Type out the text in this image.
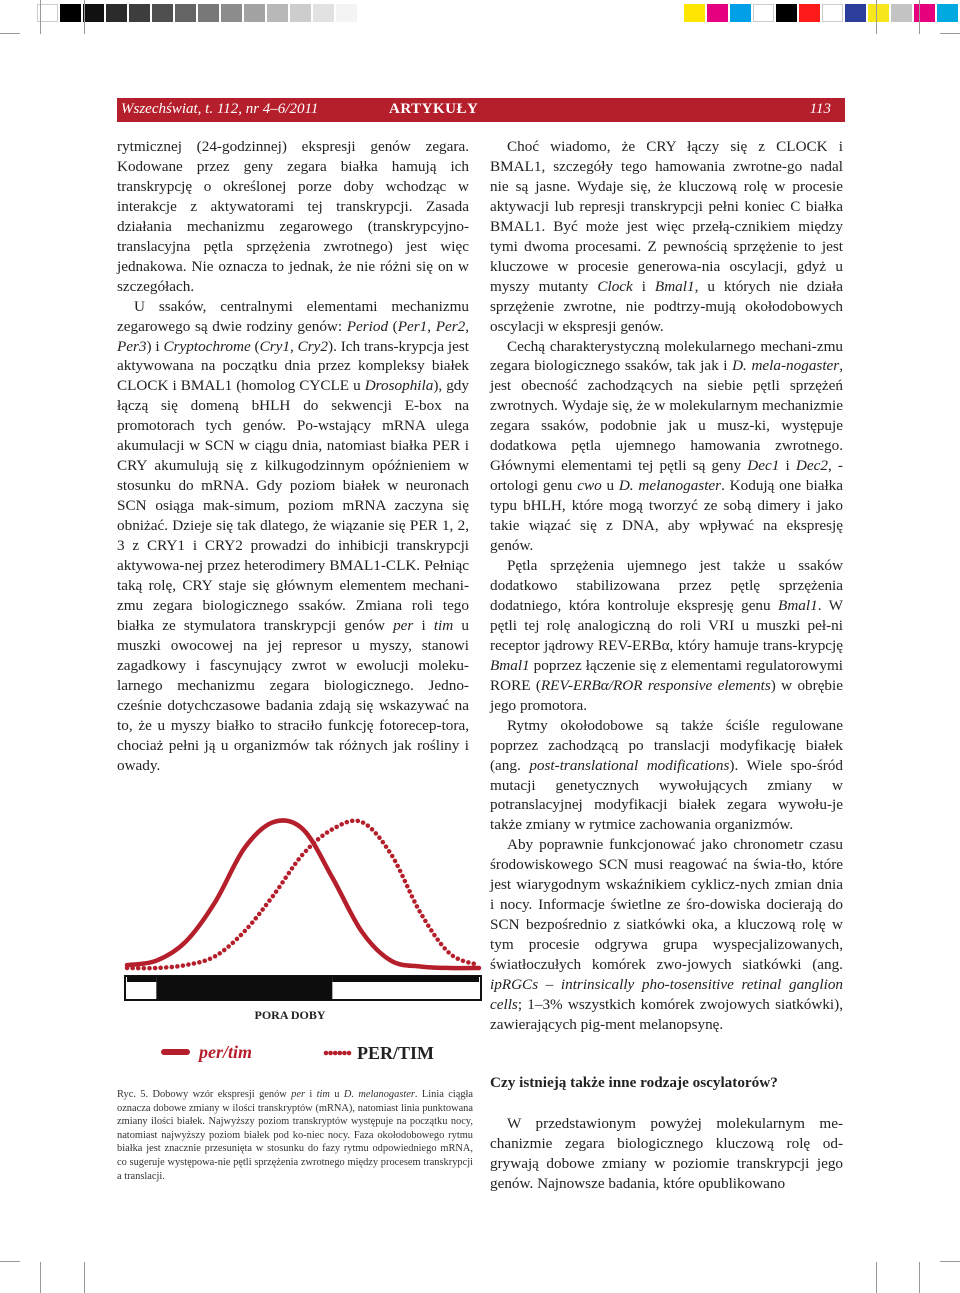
Wszechświat, t. 112, nr 4–6/2011	ARTYKUŁY	113

rytmicznej (24-godzinnej) ekspresji genów zegara. Kodowane przez geny zegara białka hamują ich transkrypcję o określonej porze doby wchodząc w interakcje z aktywatorami tej transkrypcji. Zasada działania mechanizmu zegarowego (transkrypcyjno-translacyjna pętla sprzężenia zwrotnego) jest więc jednakowa. Nie oznacza to jednak, że nie różni się on w szczegółach.

U ssaków, centralnymi elementami mechanizmu zegarowego są dwie rodziny genów: Period (Per1, Per2, Per3) i Cryptochrome (Cry1, Cry2). Ich trans-krypcja jest aktywowana na początku dnia przez kompleksy białek CLOCK i BMAL1 (homolog CYCLE u Drosophila), gdy łączą się domeną bHLH do sekwencji E-box na promotorach tych genów. Po-wstający mRNA ulega akumulacji w SCN w ciągu dnia, natomiast białka PER i CRY akumulują się z kilkugodzinnym opóźnieniem w stosunku do mRNA. Gdy poziom białek w neuronach SCN osiąga mak-simum, poziom mRNA zaczyna się obniżać. Dzieje się tak dlatego, że wiązanie się PER 1, 2, 3 z CRY1 i CRY2 prowadzi do inhibicji transkrypcji aktywowa-nej przez heterodimery BMAL1-CLK. Pełniąc taką rolę, CRY staje się głównym elementem mechani-zmu zegara biologicznego ssaków. Zmiana roli tego białka ze stymulatora transkrypcji genów per i tim u muszki owocowej na jej represor u myszy, stanowi zagadkowy i fascynujący zwrot w ewolucji moleku-larnego mechanizmu zegara biologicznego. Jedno-cześnie dotychczasowe badania zdają się wskazywać na to, że u myszy białko to straciło funkcję fotorecep-tora, chociaż pełni ją u organizmów tak różnych jak rośliny i owady.

PORA DOBY
per/tim	PER/TIM

Ryc. 5. Dobowy wzór ekspresji genów per i tim u D. melanogaster. Linia ciągła oznacza dobowe zmiany w ilości transkryptów (mRNA), natomiast linia punktowana zmiany ilości białek. Najwyższy poziom transkryptów występuje na początku nocy, natomiast najwyższy poziom białek pod ko-niec nocy. Faza okołodobowego rytmu białka jest znacznie przesunięta w stosunku do fazy rytmu odpowiedniego mRNA, co sugeruje występowa-nie pętli sprzężenia zwrotnego między procesem transkrypcji a translacji.

Choć wiadomo, że CRY łączy się z CLOCK i BMAL1, szczegóły tego hamowania zwrotne-go nadal nie są jasne. Wydaje się, że kluczową rolę w procesie aktywacji lub represji transkrypcji pełni koniec C białka BMAL1. Być może jest więc przełą-cznikiem między tymi dwoma procesami. Z pewnością sprzężenie to jest kluczowe w procesie generowa-nia oscylacji, gdyż u myszy mutanty Clock i Bmal1, u których nie działa sprzężenie zwrotne, nie podtrzy-mują okołodobowych oscylacji w ekspresji genów.

Cechą charakterystyczną molekularnego mechani-zmu zegara biologicznego ssaków, tak jak i D. mela-nogaster, jest obecność zachodzących na siebie pętli sprzężeń zwrotnych. Wydaje się, że w molekularnym mechanizmie zegara ssaków, podobnie jak u musz-ki, występuje dodatkowa pętla ujemnego hamowania zwrotnego. Głównymi elementami tej pętli są geny Dec1 i Dec2, - ortologi genu cwo u D. melanogaster. Kodują one białka typu bHLH, które mogą tworzyć ze sobą dimery i jako takie wiązać się z DNA, aby wpływać na ekspresję genów.

Pętla sprzężenia ujemnego jest także u ssaków dodatkowo stabilizowana przez pętlę sprzężenia dodatniego, która kontroluje ekspresję genu Bmal1. W pętli tej rolę analogiczną do roli VRI u muszki peł-ni receptor jądrowy REV-ERBα, który hamuje trans-krypcję Bmal1 poprzez łączenie się z elementami regulatorowymi RORE (REV-ERBα/ROR responsive elements) w obrębie jego promotora.

Rytmy okołodobowe są także ściśle regulowane poprzez zachodzącą po translacji modyfikację białek (ang. post-translational modifications). Wiele spo-śród mutacji genetycznych wywołujących zmiany w potranslacyjnej modyfikacji białek zegara wywołu-je także zmiany w rytmice zachowania organizmów.

Aby poprawnie funkcjonować jako chronometr czasu środowiskowego SCN musi reagować na świa-tło, które jest wiarygodnym wskaźnikiem cyklicz-nych zmian dnia i nocy. Informacje świetlne ze śro-dowiska docierają do SCN bezpośrednio z siatkówki oka, a kluczową rolę w tym procesie odgrywa grupa wyspecjalizowanych, światłoczułych komórek zwo-jowych siatkówki (ang. ipRGCs – intrinsically pho-tosensitive retinal ganglion cells; 1–3% wszystkich komórek zwojowych siatkówki), zawierających pig-ment melanopsynę.

Czy istnieją także inne rodzaje oscylatorów?

W przedstawionym powyżej molekularnym me-chanizmie zegara biologicznego kluczową rolę od-grywają dobowe zmiany w poziomie transkrypcji jego genów. Najnowsze badania, które opublikowano
